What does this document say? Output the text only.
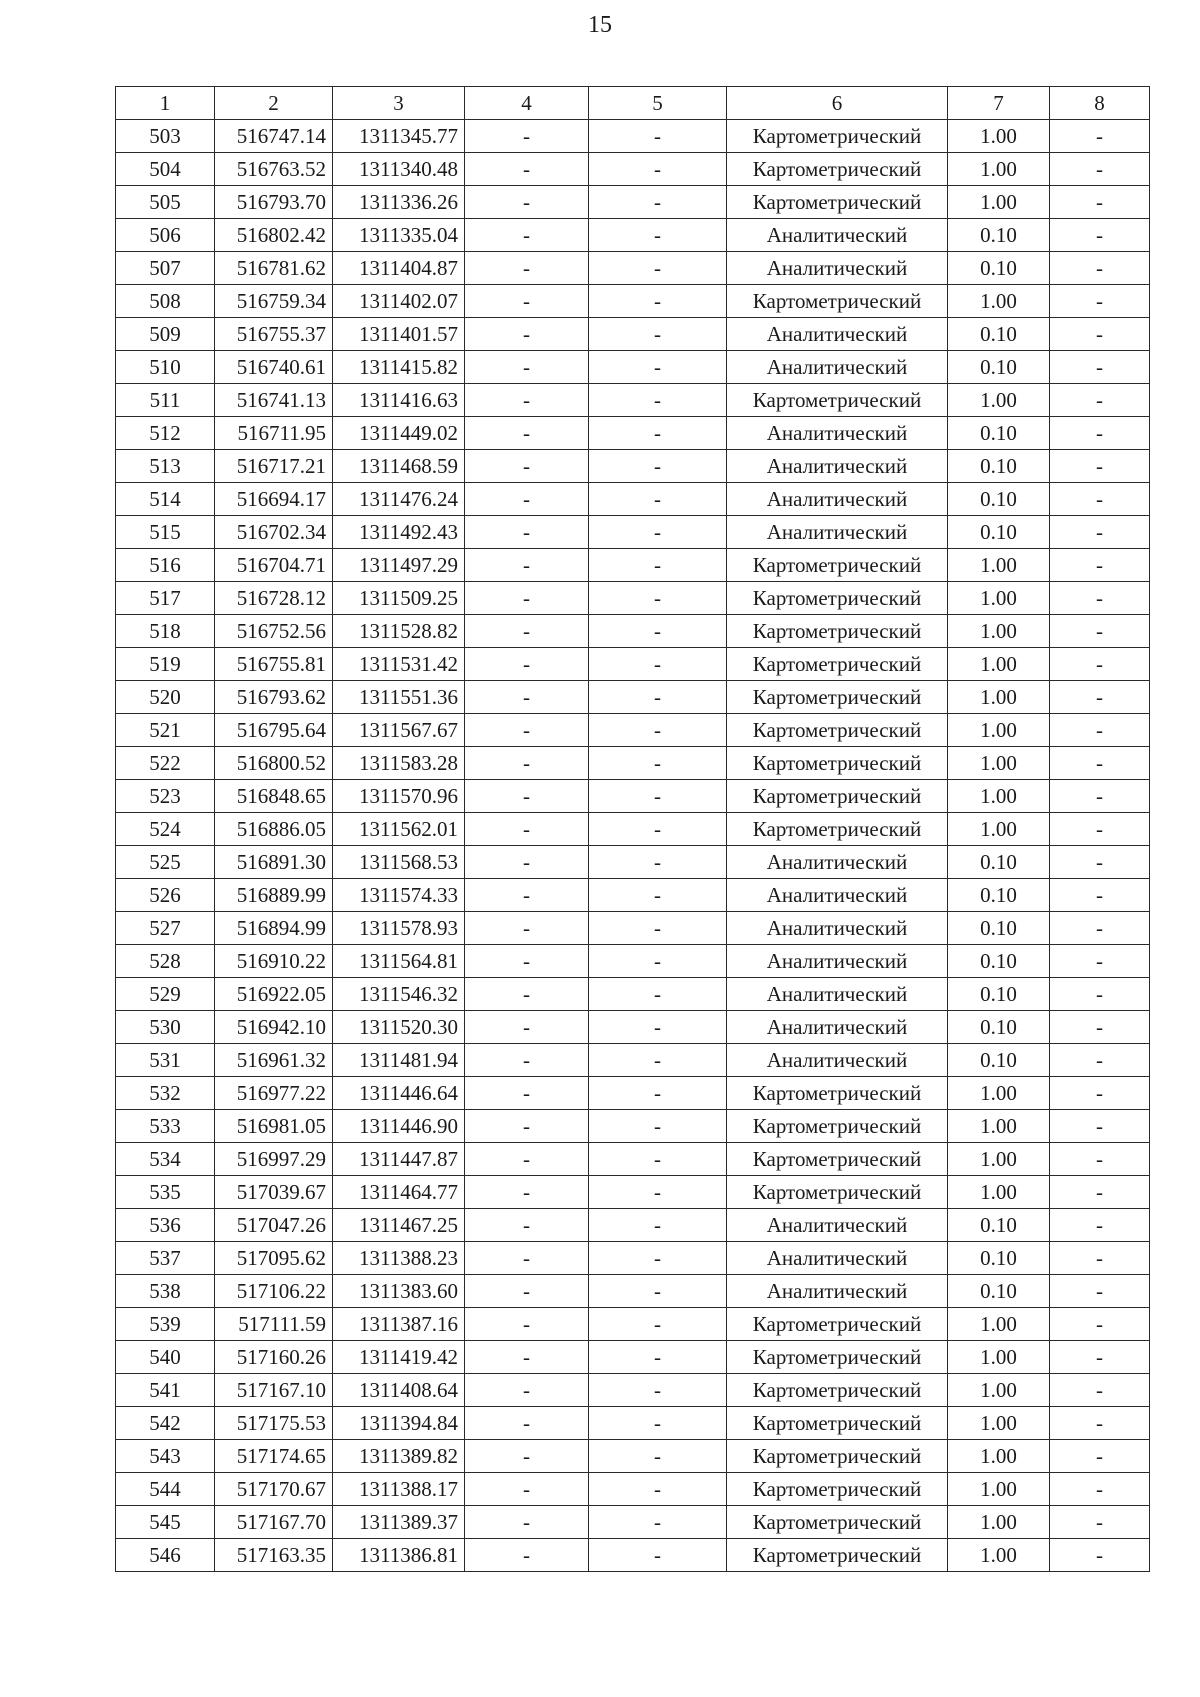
15
1	2	3	4	5	6	7	8
503	516747.14	1311345.77	-	-	Картометрический	1.00	-
504	516763.52	1311340.48	-	-	Картометрический	1.00	-
505	516793.70	1311336.26	-	-	Картометрический	1.00	-
506	516802.42	1311335.04	-	-	Аналитический	0.10	-
507	516781.62	1311404.87	-	-	Аналитический	0.10	-
508	516759.34	1311402.07	-	-	Картометрический	1.00	-
509	516755.37	1311401.57	-	-	Аналитический	0.10	-
510	516740.61	1311415.82	-	-	Аналитический	0.10	-
511	516741.13	1311416.63	-	-	Картометрический	1.00	-
512	516711.95	1311449.02	-	-	Аналитический	0.10	-
513	516717.21	1311468.59	-	-	Аналитический	0.10	-
514	516694.17	1311476.24	-	-	Аналитический	0.10	-
515	516702.34	1311492.43	-	-	Аналитический	0.10	-
516	516704.71	1311497.29	-	-	Картометрический	1.00	-
517	516728.12	1311509.25	-	-	Картометрический	1.00	-
518	516752.56	1311528.82	-	-	Картометрический	1.00	-
519	516755.81	1311531.42	-	-	Картометрический	1.00	-
520	516793.62	1311551.36	-	-	Картометрический	1.00	-
521	516795.64	1311567.67	-	-	Картометрический	1.00	-
522	516800.52	1311583.28	-	-	Картометрический	1.00	-
523	516848.65	1311570.96	-	-	Картометрический	1.00	-
524	516886.05	1311562.01	-	-	Картометрический	1.00	-
525	516891.30	1311568.53	-	-	Аналитический	0.10	-
526	516889.99	1311574.33	-	-	Аналитический	0.10	-
527	516894.99	1311578.93	-	-	Аналитический	0.10	-
528	516910.22	1311564.81	-	-	Аналитический	0.10	-
529	516922.05	1311546.32	-	-	Аналитический	0.10	-
530	516942.10	1311520.30	-	-	Аналитический	0.10	-
531	516961.32	1311481.94	-	-	Аналитический	0.10	-
532	516977.22	1311446.64	-	-	Картометрический	1.00	-
533	516981.05	1311446.90	-	-	Картометрический	1.00	-
534	516997.29	1311447.87	-	-	Картометрический	1.00	-
535	517039.67	1311464.77	-	-	Картометрический	1.00	-
536	517047.26	1311467.25	-	-	Аналитический	0.10	-
537	517095.62	1311388.23	-	-	Аналитический	0.10	-
538	517106.22	1311383.60	-	-	Аналитический	0.10	-
539	517111.59	1311387.16	-	-	Картометрический	1.00	-
540	517160.26	1311419.42	-	-	Картометрический	1.00	-
541	517167.10	1311408.64	-	-	Картометрический	1.00	-
542	517175.53	1311394.84	-	-	Картометрический	1.00	-
543	517174.65	1311389.82	-	-	Картометрический	1.00	-
544	517170.67	1311388.17	-	-	Картометрический	1.00	-
545	517167.70	1311389.37	-	-	Картометрический	1.00	-
546	517163.35	1311386.81	-	-	Картометрический	1.00	-
